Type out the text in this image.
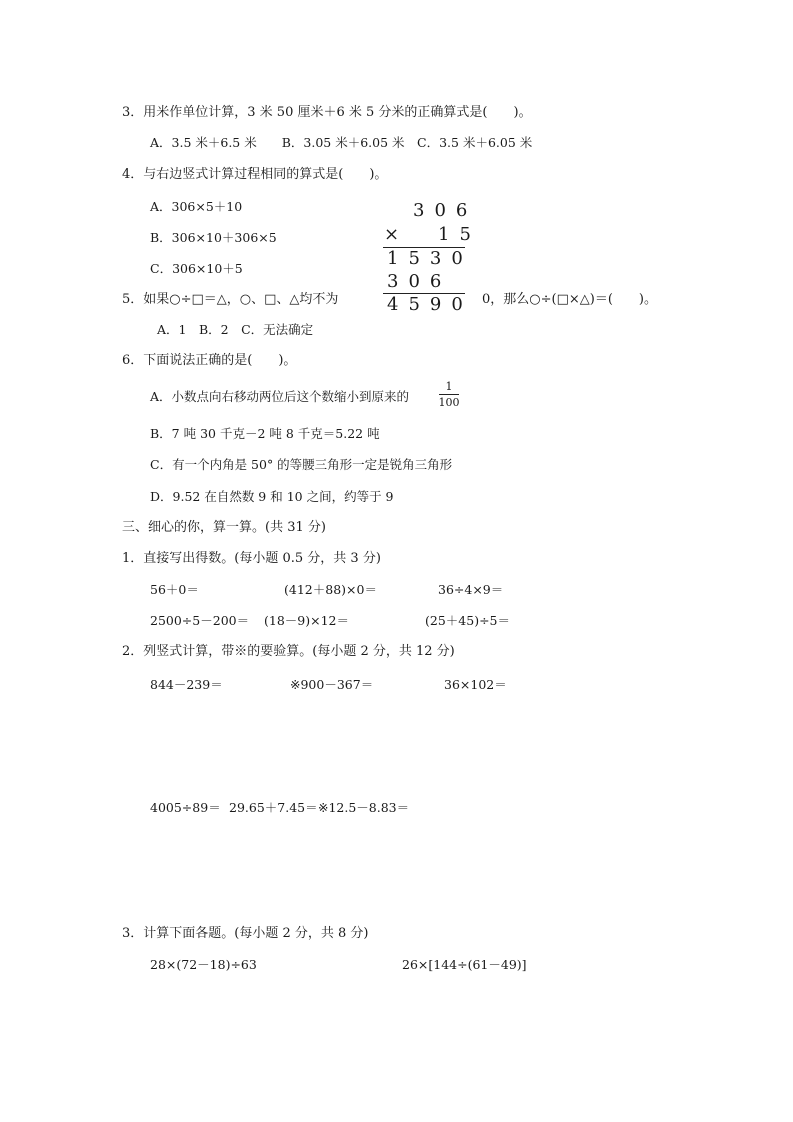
3．用米作单位计算，3 米 50 厘米＋6 米 5 分米的正确算式是(　　)。
A．3.5 米＋6.5 米　　B．3.05 米＋6.05 米　C．3.5 米＋6.05 米
4．与右边竖式计算过程相同的算式是(　　)。
A．306×5＋10
B．306×10＋306×5
C．306×10＋5
306
× 15
1530
306
4590
5．如果○÷□＝△，○、□、△均不为	0，那么○÷(□×△)＝(　　)。
A．1　B．2　C．无法确定
6．下面说法正确的是(　　)。
A．小数点向右移动两位后这个数缩小到原来的
1
100
B．7 吨 30 千克－2 吨 8 千克＝5.22 吨
C．有一个内角是 50° 的等腰三角形一定是锐角三角形
D．9.52 在自然数 9 和 10 之间，约等于 9
三、细心的你，算一算。(共 31 分)
1．直接写出得数。(每小题 0.5 分，共 3 分)
56＋0＝	(412＋88)×0＝	36÷4×9＝
2500÷5－200＝ (18－9)×12＝	(25＋45)÷5＝
2．列竖式计算，带※的要验算。(每小题 2 分，共 12 分)
844－239＝	※900－367＝	36×102＝
4005÷89＝ 29.65＋7.45＝ ※12.5－8.83＝
3．计算下面各题。(每小题 2 分，共 8 分)
28×(72－18)÷63	26×[144÷(61－49)]
